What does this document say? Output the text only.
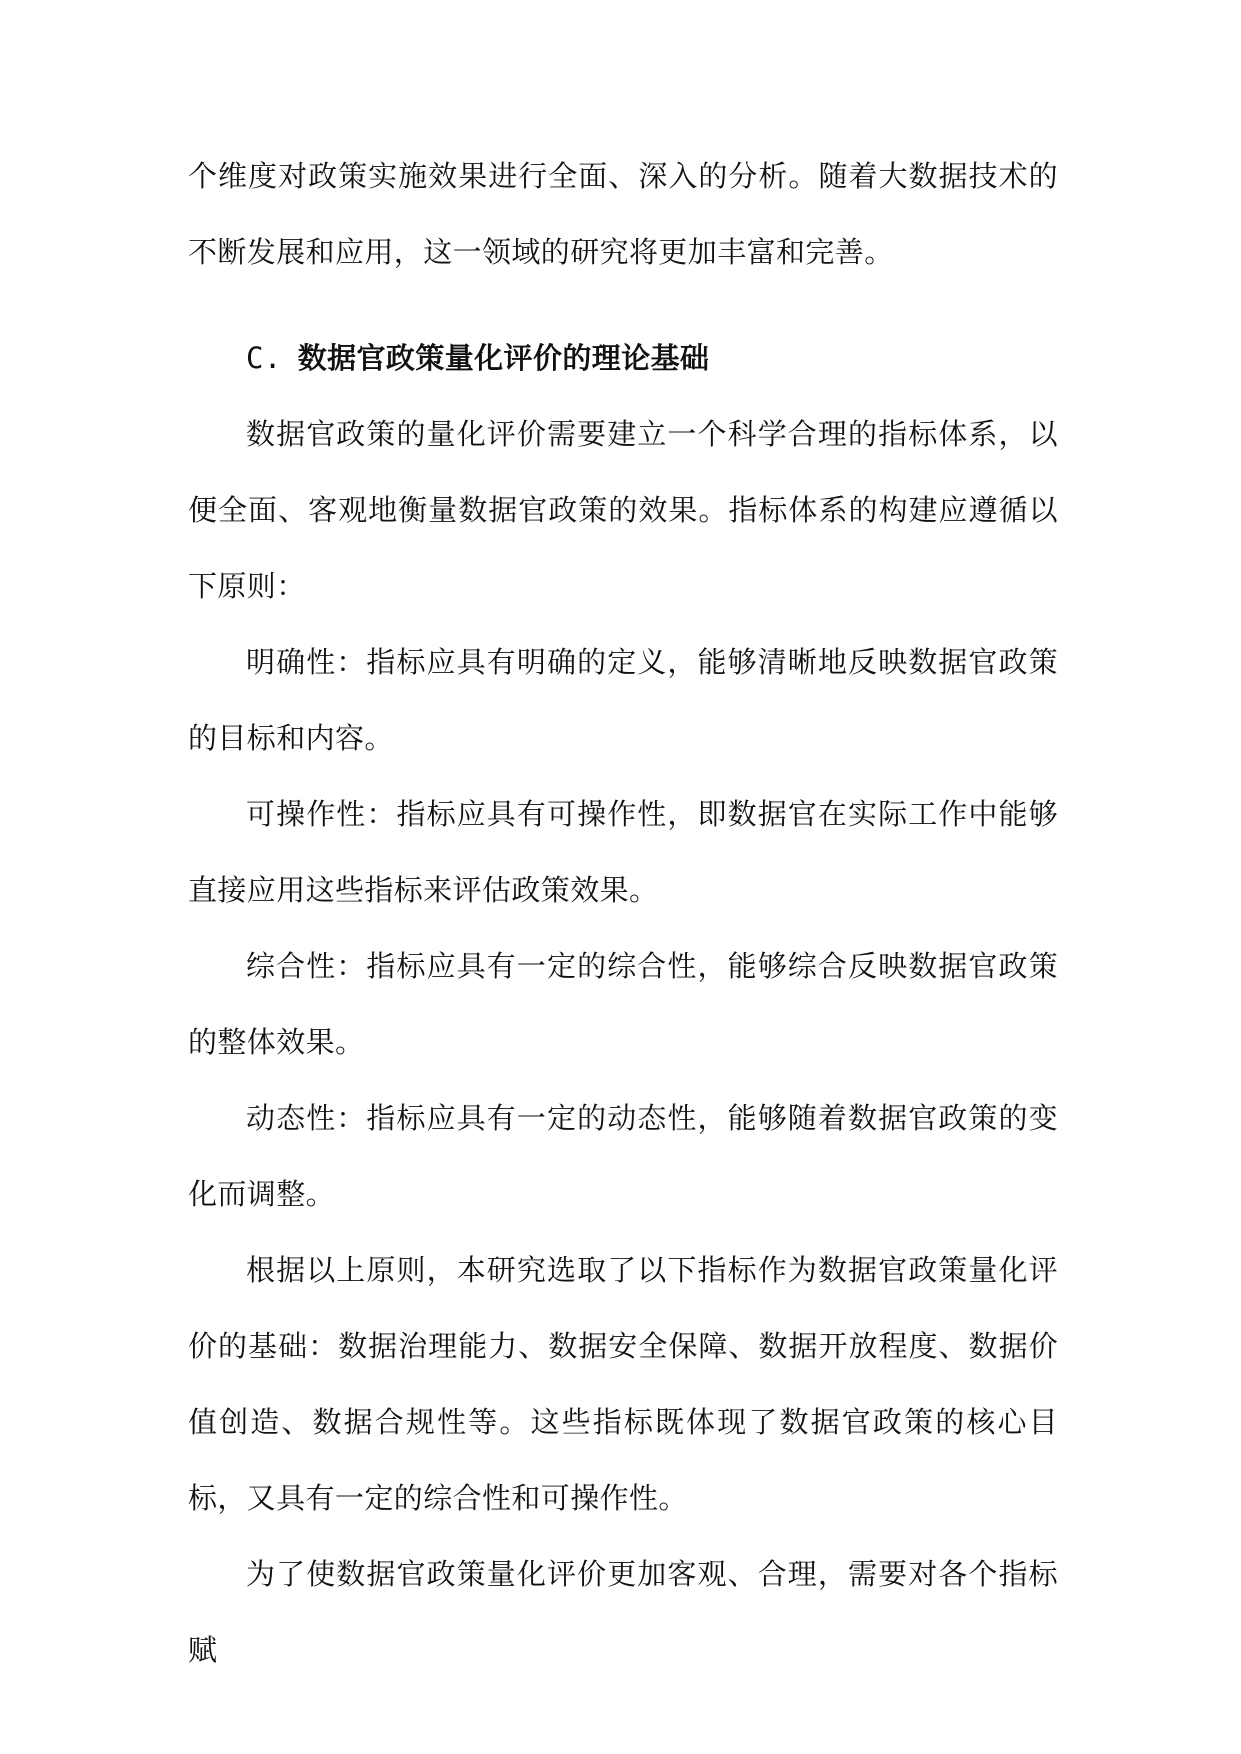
个维度对政策实施效果进行全面、深入的分析。随着大数据技术的不断发展和应用，这一领域的研究将更加丰富和完善。

C. 数据官政策量化评价的理论基础

数据官政策的量化评价需要建立一个科学合理的指标体系，以便全面、客观地衡量数据官政策的效果。指标体系的构建应遵循以下原则：

明确性：指标应具有明确的定义，能够清晰地反映数据官政策的目标和内容。

可操作性：指标应具有可操作性，即数据官在实际工作中能够直接应用这些指标来评估政策效果。

综合性：指标应具有一定的综合性，能够综合反映数据官政策的整体效果。

动态性：指标应具有一定的动态性，能够随着数据官政策的变化而调整。

根据以上原则，本研究选取了以下指标作为数据官政策量化评价的基础：数据治理能力、数据安全保障、数据开放程度、数据价值创造、数据合规性等。这些指标既体现了数据官政策的核心目标，又具有一定的综合性和可操作性。

为了使数据官政策量化评价更加客观、合理，需要对各个指标赋
